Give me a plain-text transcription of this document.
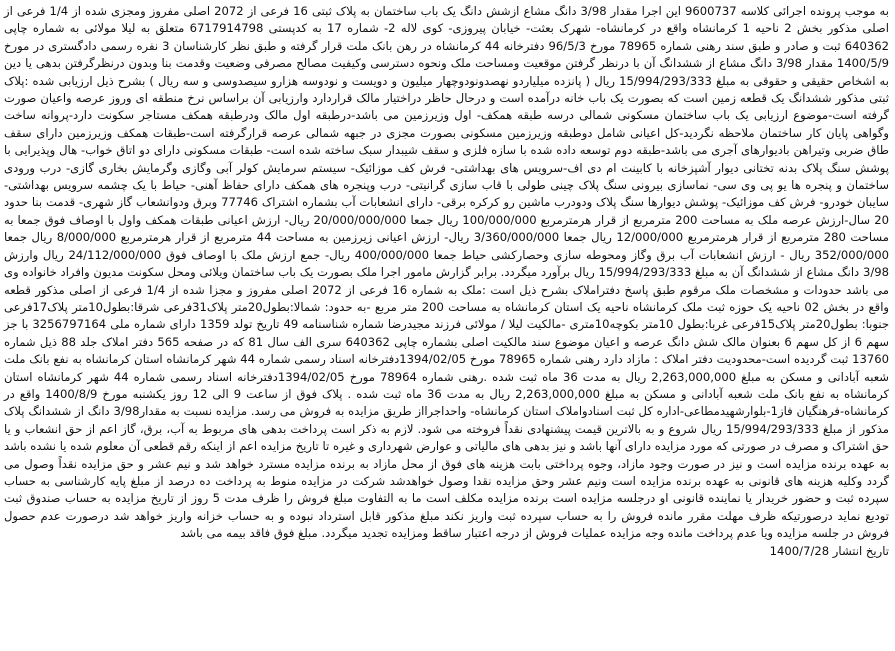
به موجب پرونده اجرائی کلاسه 9600737 این اجرا مقدار 3/98 دانگ مشاع ازشش دانگ یک باب ساختمان به پلاک ثبتی 16 فرعی از 2072 اصلی مفروز ومجزی شده از 1/4 فرعی از اصلی مذکور بخش 2 ناحیه 1 کرمانشاه واقع در کرمانشاه- شهرک بعثت- خیابان پیروزی- کوی لاله 2- شماره 17 به کدپستی 6717914798 متعلق به لیلا مولائی به شماره چاپی 640362 ثبت و صادر و طبق سند رهنی شماره 78965 مورخ 96/5/3 دفترخانه 44 کرمانشاه در رهن بانک ملت قرار گرفته و طبق نظر کارشناسان 3 نفره رسمی دادگستری در مورخ 1400/5/9 مقدار 3/98 دانگ مشاع از ششدانگ آن با درنظر گرفتن موقعیت ومساحت ملک ونحوه دسترسی وکیفیت مصالح مصرفی وضعیت وقدمت بنا وبدون درنظرگرفتن بدهی یا دین به اشخاص حقیقی و حقوقی به مبلغ 15/994/293/333 ریال ( پانزده میلیاردو نهصدونودوچهار میلیون و دویست و نودوسه هزارو سیصدوسی و سه ریال ) بشرح ذیل ارزیابی شده :پلاک ثبتی مذکور ششدانگ یک قطعه زمین است که بصورت یک باب خانه درآمده است و درحال حاظر دراختیار مالک قراردارد وارزیابی آن براساس نرخ منطقه ای وروز عرصه واعیان صورت گرفته است-موضوع ارزیابی یک باب ساختمان مسکونی شمالی درسه طبقه همکف- اول وزیرزمین می باشد-درطبقه اول مالک ودرطبقه همکف مستاجر سکونت دارد-پروانه ساخت وگواهی پایان کار ساختمان ملاحظه نگردید-کل اعیانی شامل دوطبقه وزیرزمین مسکونی بصورت مجزی در جبهه شمالی عرصه قرارگرفته است-طبقات همکف وزیرزمین دارای سقف طاق ضربی وتیراهن بادیوارهای آجری می باشد-طبقه دوم توسعه داده شده با سازه فلزی و سقف شیبدار سبک ساخته شده است- طبقات مسکونی دارای دو اتاق خواب- هال وپذیرایی با پوشش سنگ پلاک بدنه تختانی دیوار آشپزخانه با کابینت ام دی اف-سرویس های بهداشتی- فرش کف موزائیک- سیستم سرمایش کولر آبی وگازی وگرمایش بخاری گازی- درب ورودی ساختمان و پنجره ها یو پی وی سی- نماسازی بیرونی سنگ پلاک چینی طولی با قاب سازی گرانیتی- درب وپنجره های همکف دارای حفاظ آهنی- حیاط با یک چشمه سرویس بهداشتی- سایبان خودرو- فرش کف موزائیک- پوشش دیوارها سنگ پلاک ودودرب ماشین رو کرکره برقی- دارای انشعابات آب بشماره اشتراک 77746 وبرق ودوانشعاب گاز شهری- قدمت بنا حدود 20 سال-ارزش عرصه ملک به مساحت 200 مترمربع از قرار هرمترمربع 100/000/000 ریال جمعا 20/000/000/000 ریال- ارزش اعیانی طبقات همکف واول با اوصاف فوق جمعا به مساحت 280 مترمربع از قرار هرمترمربع 12/000/000 ریال جمعا 3/360/000/000 ریال- ارزش اعیانی زیرزمین به مساحت 44 مترمربع از قرار هرمترمربع 8/000/000 ریال جمعا 352/000/000 ریال - ارزش انشعابات آب برق وگاز ومحوطه سازی وحصارکشی حیاط جمعا 400/000/000 ریال- جمع ارزش ملک با اوصاف فوق 24/112/000/000 ریال وارزش 3/98 دانگ مشاع از ششدانگ آن به مبلغ 15/994/293/333 ریال برآورد میگردد. برابر گزارش مامور اجرا ملک بصورت یک باب ساختمان ویلائی ومحل سکونت مدیون وافراد خانواده وی می باشد حدودات و مشخصات ملک مرقوم طبق پاسخ دفتراملاک بشرح ذیل است :ملک به شماره 16 فرعی از 2072 اصلی مفروز و مجزا شده از 1/4 فرعی از اصلی مذکور قطعه واقع در بخش 02 ناحیه یک حوزه ثبت ملک کرمانشاه ناحیه یک استان کرمانشاه به مساحت 200 متر مربع -به حدود: شمالا:بطول20متر پلاک31فرعی شرقا:بطول10متر پلاک17فرعی جنوبا: بطول20متر پلاک15فرعی غربا:بطول 10متر بکوچه10متری -مالکیت لیلا / مولائی فرزند مجیدرضا شماره شناسنامه 49 تاریخ تولد 1359 دارای شماره ملی 3256797164 با جز سهم 6 از کل سهم 6 بعنوان مالک شش دانگ عرصه و اعیان موضوع سند مالکیت اصلی بشماره چاپی 640362 سری الف سال 81 که در صفحه 565 دفتر املاک جلد 88 ذیل شماره 13760 ثبت گردیده است-محدودیت دفتر املاک : مازاد دارد رهنی شماره 78965 مورخ 1394/02/05دفترخانه اسناد رسمی شماره 44 شهر کرمانشاه استان کرمانشاه به نفع بانک ملت شعبه آبادانی و مسکن به مبلغ 2,263,000,000 ریال به مدت 36 ماه ثبت شده .رهنی شماره 78964 مورخ 1394/02/05دفترخانه اسناد رسمی شماره 44 شهر کرمانشاه استان کرمانشاه به نفع بانک ملت شعبه آبادانی و مسکن به مبلغ 2,263,000,000 ریال به مدت 36 ماه ثبت شده . پلاک فوق از ساعت 9 الی 12 روز یکشنبه مورخ 1400/8/9 واقع در کرمانشاه-فرهنگیان فاز1-بلوارشهیدمطاعی-اداره کل ثبت اسنادواملاک استان کرمانشاه- واحداجرااز طریق مزایده به فروش می رسد. مزایده نسبت به مقدار3/98 دانگ از ششدانگ پلاک مذکور از مبلغ 15/994/293/333 ریال شروع و به بالاترین قیمت پیشنهادی نقداً فروخته می شود. لازم به ذکر است پرداخت بدهی های مربوط به آب، برق، گاز اعم از حق انشعاب و یا حق اشتراک و مصرف در صورتی که مورد مزایده دارای آنها باشد و نیز بدهی های مالیاتی و عوارض شهرداری و غیره تا تاریخ مزایده اعم از اینکه رقم قطعی آن معلوم شده یا نشده باشد به عهده برنده مزایده است و نیز در صورت وجود مازاد، وجوه پرداختی بابت هزینه های فوق از محل مازاد به برنده مزایده مسترد خواهد شد و نیم عشر و حق مزایده نقداً وصول می گردد وکلیه هزینه های قانونی به عهده برنده مزایده است ونیم عشر وحق مزایده نقدا وصول خواهدشد شرکت در مزایده منوط به پرداخت ده درصد از مبلغ پایه کارشناسی به حساب سپرده ثبت و حضور خریدار یا نماینده قانونی او درجلسه مزایده است برنده مزایده مکلف است ما به التفاوت مبلغ فروش را ظرف مدت 5 روز از تاریخ مزایده به حساب صندوق ثبت تودیع نماید درصورتیکه ظرف مهلت مقرر مانده فروش را به حساب سپرده ثبت واریز نکند مبلغ مذکور قابل استرداد نبوده و به حساب خزانه واریز خواهد شد درصورت عدم حصول فروش در جلسه مزایده ویا عدم پرداخت مانده وجه مزایده عملیات فروش از درجه اعتبار ساقط ومزایده تجدید میگردد. مبلغ فوق فاقد بیمه می باشد
تاریخ انتشار 1400/7/28
